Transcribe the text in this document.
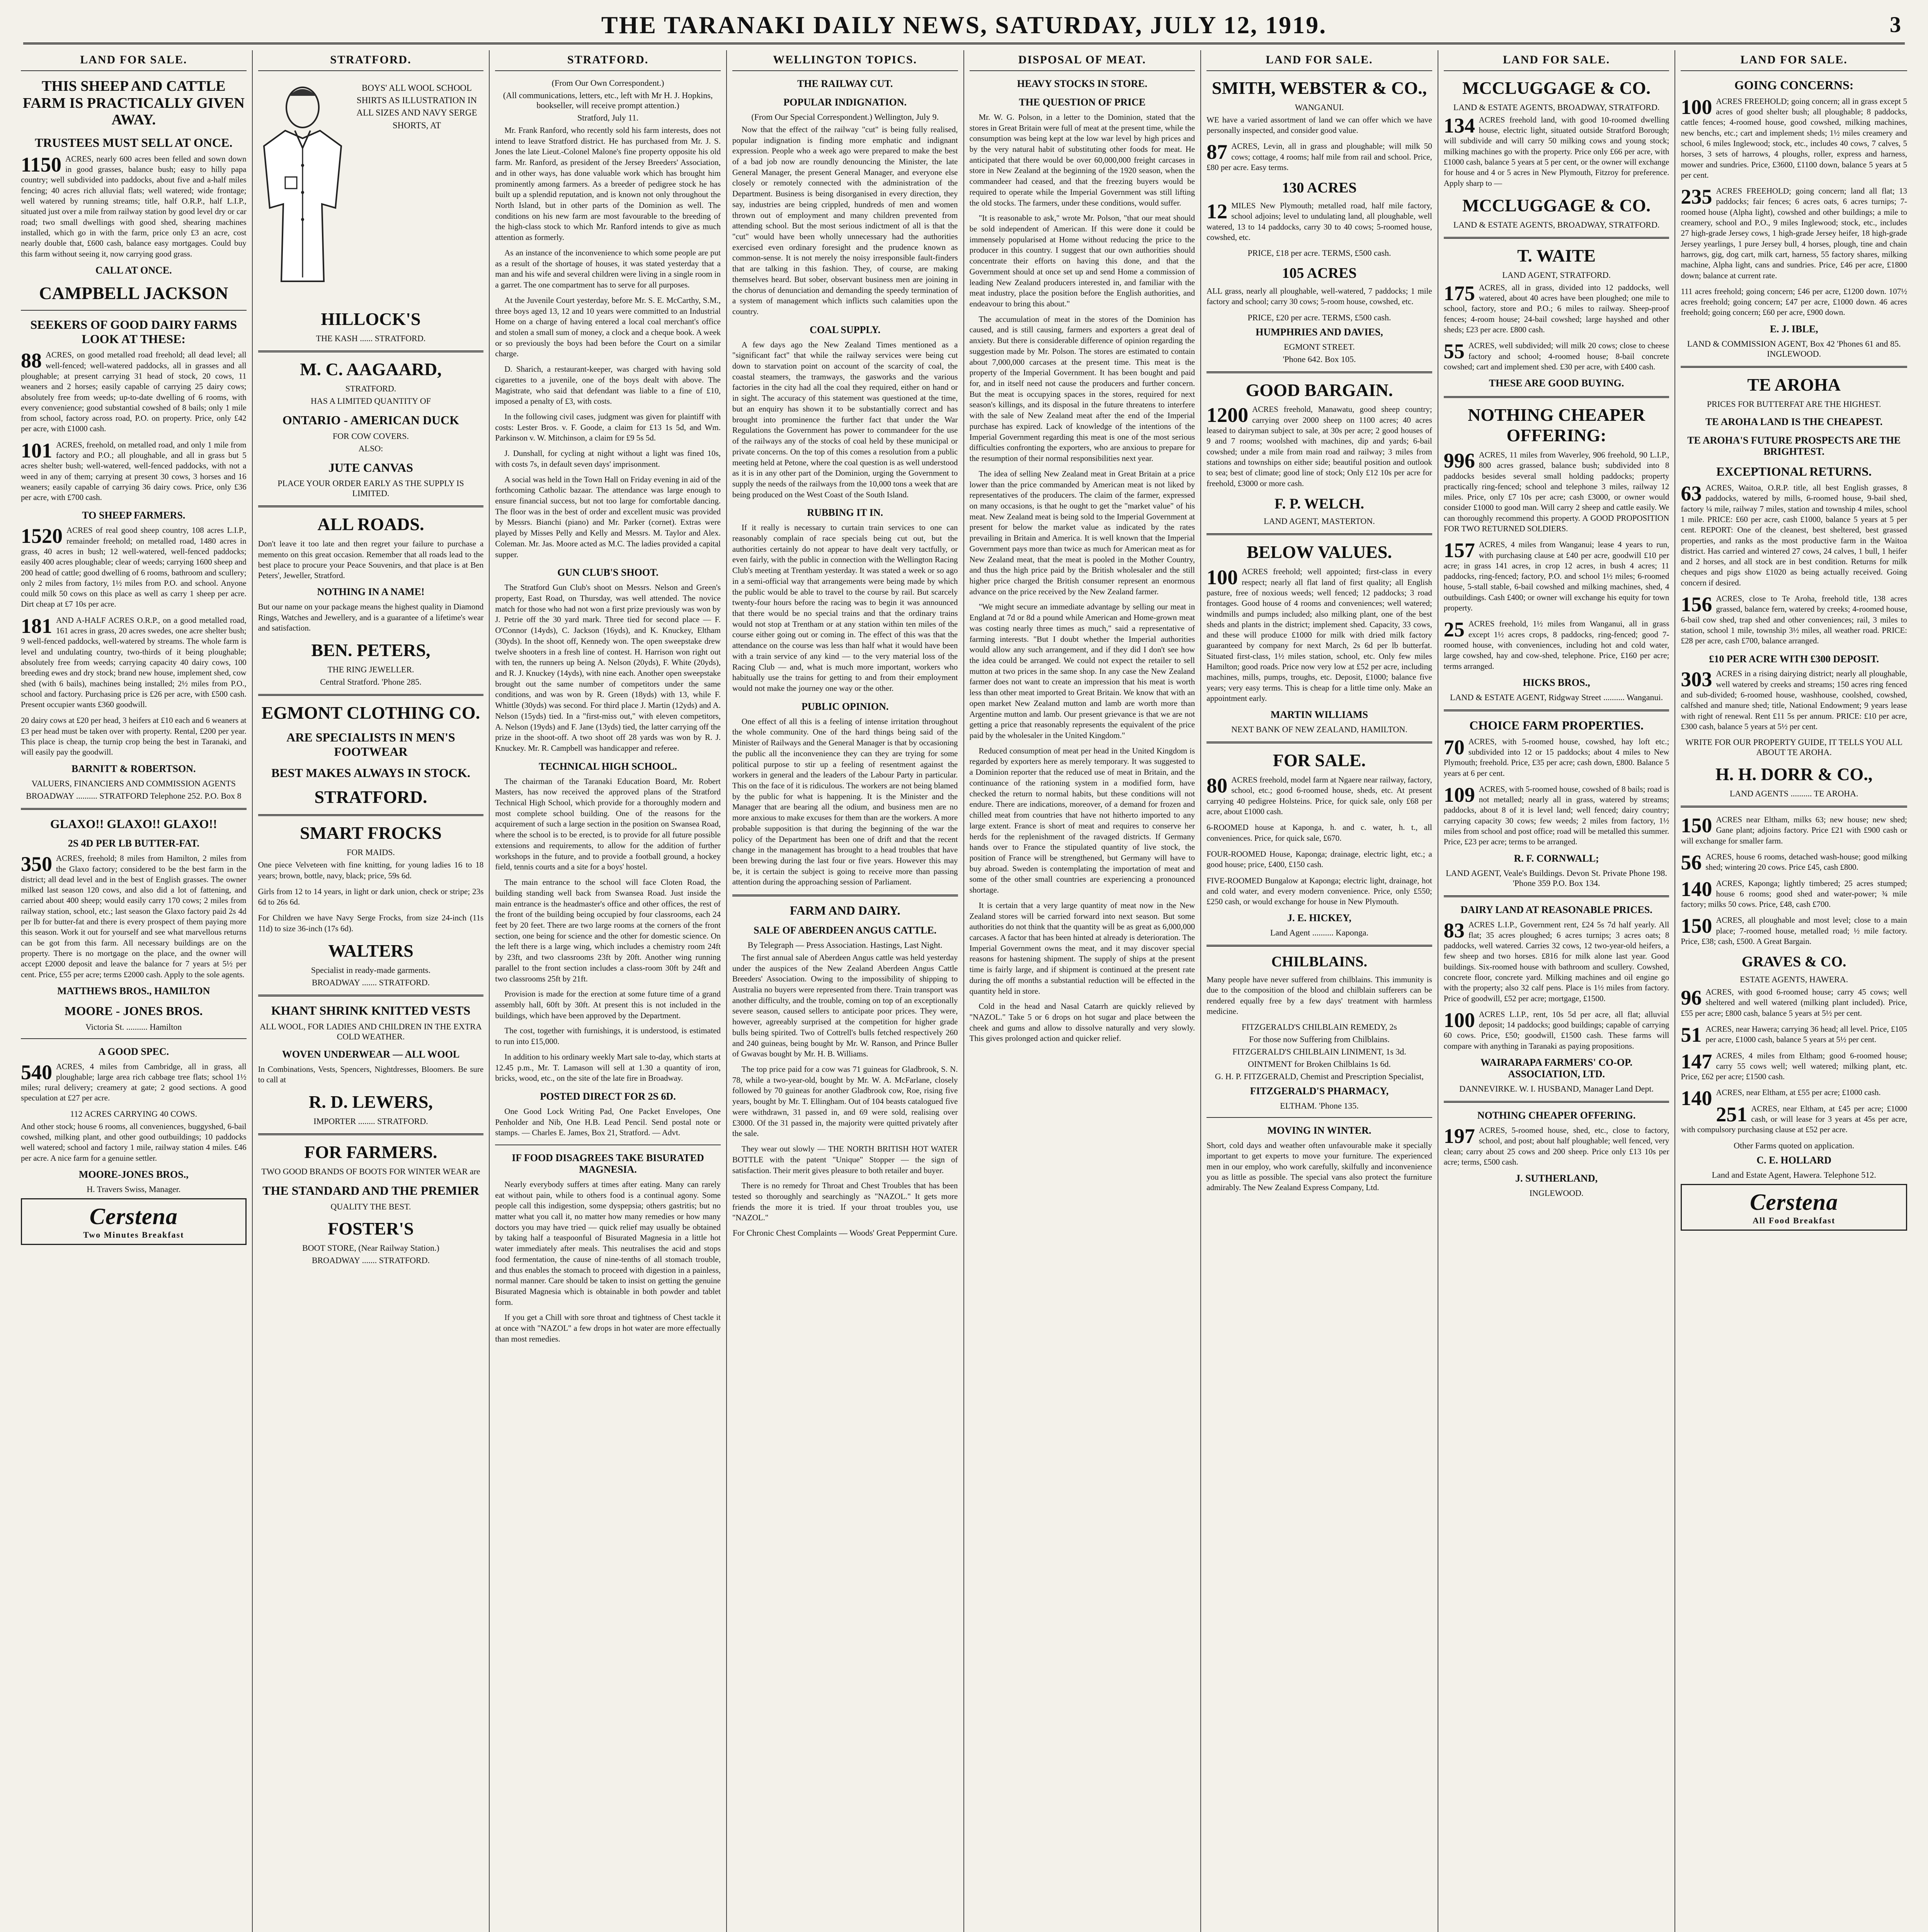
THE TARANAKI DAILY NEWS, SATURDAY, JULY 12, 1919.	3
LAND FOR SALE.
THIS SHEEP AND CATTLE FARM IS PRACTICALLY GIVEN AWAY.
TRUSTEES MUST SELL AT ONCE.

1150 ACRES, nearly 600 acres been felled and sown down in good grasses, balance bush; easy to hilly papa country; well subdivided into paddocks, about five and a-half miles fencing; 40 acres rich alluvial flats; well watered; wide frontage; well watered by running streams; title, half O.R.P., half L.I.P., situated just over a mile from railway station by good level dry or car road; two small dwellings with good shed, shearing machines installed, which go in with the farm, price only £3 an acre, cost nearly double that, £600 cash, balance easy mortgages. Could buy this farm without seeing it, now carrying good grass.

CALL AT ONCE.
CAMPBELL JACKSON
SEEKERS OF GOOD DAIRY FARMS LOOK AT THESE:

88 ACRES, on good metalled road freehold; all dead level; all well-fenced; well-watered paddocks, all in grasses and all ploughable; at present carrying 31 head of stock, 20 cows, 11 weaners and 2 horses; easily capable of carrying 25 dairy cows; absolutely free from weeds; up-to-date dwelling of 6 rooms, with every convenience; good substantial cowshed of 8 bails; only 1 mile from school, factory across road, P.O. on property. Price, only £42 per acre, with £1000 cash.

101 ACRES, freehold, on metalled road, and only 1 mile from factory and P.O.; all ploughable, and all in grass but 5 acres shelter bush; well-watered, well-fenced paddocks, with not a weed in any of them; carrying at present 30 cows, 3 horses and 16 weaners; easily capable of carrying 36 dairy cows. Price, only £36 per acre, with £700 cash.

TO SHEEP FARMERS.

1520 ACRES of real good sheep country, 108 acres L.I.P., remainder freehold; on metalled road, 1480 acres in grass, 40 acres in bush; 12 well-watered, well-fenced paddocks; easily 400 acres ploughable; clear of weeds; carrying 1600 sheep and 200 head of cattle; good dwelling of 6 rooms, bathroom and scullery; only 2 miles from factory, 1½ miles from P.O. and school. Anyone could milk 50 cows on this place as well as carry 1 sheep per acre. Dirt cheap at £7 10s per acre.

181 AND A-HALF ACRES O.R.P., on a good metalled road, 161 acres in grass, 20 acres swedes, one acre shelter bush; 9 well-fenced paddocks, well-watered by streams. The whole farm is level and undulating country, two-thirds of it being ploughable; absolutely free from weeds; carrying capacity 40 dairy cows, 100 breeding ewes and dry stock; brand new house, implement shed, cow shed (with 6 bails), machines being installed; 2½ miles from P.O., school and factory. Purchasing price is £26 per acre, with £500 cash. Present occupier wants £360 goodwill.

20 dairy cows at £20 per head, 3 heifers at £10 each and 6 weaners at £3 per head must be taken over with property. Rental, £200 per year. This place is cheap, the turnip crop being the best in Taranaki, and will easily pay the goodwill.

BARNITT & ROBERTSON.
VALUERS, FINANCIERS AND COMMISSION AGENTS
BROADWAY .......... STRATFORD Telephone 252. P.O. Box 8
GLAXO!! GLAXO!! GLAXO!!
2S 4D PER LB BUTTER-FAT.

350 ACRES, freehold; 8 miles from Hamilton, 2 miles from the Glaxo factory; considered to be the best farm in the district; all dead level and in the best of English grasses. The owner milked last season 120 cows, and also did a lot of fattening, and carried about 400 sheep; would easily carry 170 cows; 2 miles from railway station, school, etc.; last season the Glaxo factory paid 2s 4d per lb for butter-fat and there is every prospect of them paying more this season. Work it out for yourself and see what marvellous returns can be got from this farm. All necessary buildings are on the property. There is no mortgage on the place, and the owner will accept £2000 deposit and leave the balance for 7 years at 5½ per cent. Price, £55 per acre; terms £2000 cash. Apply to the sole agents.

MATTHEWS BROS., HAMILTON
MOORE - JONES BROS.
Victoria St. .......... Hamilton
A GOOD SPEC.

540 ACRES, 4 miles from Cambridge, all in grass, all ploughable; large area rich cabbage tree flats; school 1½ miles; rural delivery; creamery at gate; 2 good sections. A good speculation at £27 per acre.

112 ACRES CARRYING 40 COWS.

And other stock; house 6 rooms, all conveniences, buggyshed, 6-bail cowshed, milking plant, and other good outbuildings; 10 paddocks well watered; school and factory 1 mile, railway station 4 miles. £46 per acre. A nice farm for a genuine settler.

MOORE-JONES BROS.,
H. Travers Swiss, Manager.
Cerstena
Two Minutes Breakfast
STRATFORD.
BOYS' ALL WOOL SCHOOL SHIRTS AS ILLUSTRATION IN ALL SIZES AND NAVY SERGE SHORTS, AT
HILLOCK'S
THE KASH ...... STRATFORD.
M. C. AAGAARD,
STRATFORD.
HAS A LIMITED QUANTITY OF
ONTARIO - AMERICAN DUCK
FOR COW COVERS.
ALSO:
JUTE CANVAS
PLACE YOUR ORDER EARLY AS THE SUPPLY IS LIMITED.
ALL ROADS.

Don't leave it too late and then regret your failure to purchase a memento on this great occasion. Remember that all roads lead to the best place to procure your Peace Souvenirs, and that place is at Ben Peters', Jeweller, Stratford.

NOTHING IN A NAME!

But our name on your package means the highest quality in Diamond Rings, Watches and Jewellery, and is a guarantee of a lifetime's wear and satisfaction.

BEN. PETERS,
THE RING JEWELLER.
Central Stratford. 'Phone 285.
EGMONT CLOTHING CO.
ARE SPECIALISTS IN MEN'S FOOTWEAR
BEST MAKES ALWAYS IN STOCK.
STRATFORD.
SMART FROCKS
FOR MAIDS.

One piece Velveteen with fine knitting, for young ladies 16 to 18 years; brown, bottle, navy, black; price, 59s 6d.

Girls from 12 to 14 years, in light or dark union, check or stripe; 23s 6d to 26s 6d.

For Children we have Navy Serge Frocks, from size 24-inch (11s 11d) to size 36-inch (17s 6d).

WALTERS
Specialist in ready-made garments.
BROADWAY ....... STRATFORD.
KHANT SHRINK KNITTED VESTS
ALL WOOL, FOR LADIES AND CHILDREN IN THE EXTRA COLD WEATHER.
WOVEN UNDERWEAR — ALL WOOL

In Combinations, Vests, Spencers, Nightdresses, Bloomers. Be sure to call at

R. D. LEWERS,
IMPORTER ........ STRATFORD.
FOR FARMERS.
TWO GOOD BRANDS OF BOOTS FOR WINTER WEAR are
THE STANDARD AND THE PREMIER
QUALITY THE BEST.
FOSTER'S
BOOT STORE, (Near Railway Station.)
BROADWAY ....... STRATFORD.
STRATFORD.
(From Our Own Correspondent.)
(All communications, letters, etc., left with Mr H. J. Hopkins, bookseller, will receive prompt attention.)
Stratford, July 11.

Mr. Frank Ranford, who recently sold his farm interests, does not intend to leave Stratford district. He has purchased from Mr. J. S. Jones the late Lieut.-Colonel Malone's fine property opposite his old farm. Mr. Ranford, as president of the Jersey Breeders' Association, and in other ways, has done valuable work which has brought him prominently among farmers. As a breeder of pedigree stock he has built up a splendid reputation, and is known not only throughout the North Island, but in other parts of the Dominion as well. The conditions on his new farm are most favourable to the breeding of the high-class stock to which Mr. Ranford intends to give as much attention as formerly.

As an instance of the inconvenience to which some people are put as a result of the shortage of houses, it was stated yesterday that a man and his wife and several children were living in a single room in a garret. The one compartment has to serve for all purposes.

At the Juvenile Court yesterday, before Mr. S. E. McCarthy, S.M., three boys aged 13, 12 and 10 years were committed to an Industrial Home on a charge of having entered a local coal merchant's office and stolen a small sum of money, a clock and a cheque book. A week or so previously the boys had been before the Court on a similar charge.

D. Sharich, a restaurant-keeper, was charged with having sold cigarettes to a juvenile, one of the boys dealt with above. The Magistrate, who said that defendant was liable to a fine of £10, imposed a penalty of £3, with costs.

In the following civil cases, judgment was given for plaintiff with costs: Lester Bros. v. F. Goode, a claim for £13 1s 5d, and Wm. Parkinson v. W. Mitchinson, a claim for £9 5s 5d.

J. Dunshall, for cycling at night without a light was fined 10s, with costs 7s, in default seven days' imprisonment.

A social was held in the Town Hall on Friday evening in aid of the forthcoming Catholic bazaar. The attendance was large enough to ensure financial success, but not too large for comfortable dancing. The floor was in the best of order and excellent music was provided by Messrs. Bianchi (piano) and Mr. Parker (cornet). Extras were played by Misses Pelly and Kelly and Messrs. M. Taylor and Alex. Coleman. Mr. Jas. Moore acted as M.C. The ladies provided a capital supper.

GUN CLUB'S SHOOT.

The Stratford Gun Club's shoot on Messrs. Nelson and Green's property, East Road, on Thursday, was well attended. The novice match for those who had not won a first prize previously was won by J. Petrie off the 30 yard mark. Three tied for second place — F. O'Connor (14yds), C. Jackson (16yds), and K. Knuckey, Eltham (30yds). In the shoot off, Kennedy won. The open sweepstake drew twelve shooters in a fresh line of contest. H. Harrison won right out with ten, the runners up being A. Nelson (20yds), F. White (20yds), and R. J. Knuckey (14yds), with nine each. Another open sweepstake brought out the same number of competitors under the same conditions, and was won by R. Green (18yds) with 13, while F. Whittle (30yds) was second. For third place J. Martin (12yds) and A. Nelson (15yds) tied. In a "first-miss out," with eleven competitors, A. Nelson (19yds) and F. Jane (13yds) tied, the latter carrying off the prize in the shoot-off. A two shoot off 28 yards was won by R. J. Knuckey. Mr. R. Campbell was handicapper and referee.

TECHNICAL HIGH SCHOOL.

The chairman of the Taranaki Education Board, Mr. Robert Masters, has now received the approved plans of the Stratford Technical High School, which provide for a thoroughly modern and most complete school building. One of the reasons for the acquirement of such a large section in the position on Swansea Road, where the school is to be erected, is to provide for all future possible extensions and requirements, to allow for the addition of further workshops in the future, and to provide a football ground, a hockey field, tennis courts and a site for a boys' hostel.

The main entrance to the school will face Cloten Road, the building standing well back from Swansea Road. Just inside the main entrance is the headmaster's office and other offices, the rest of the front of the building being occupied by four classrooms, each 24 feet by 20 feet. There are two large rooms at the corners of the front section, one being for science and the other for domestic science. On the left there is a large wing, which includes a chemistry room 24ft by 23ft, and two classrooms 23ft by 20ft. Another wing running parallel to the front section includes a class-room 30ft by 24ft and two classrooms 25ft by 21ft.

Provision is made for the erection at some future time of a grand assembly hall, 60ft by 30ft. At present this is not included in the buildings, which have been approved by the Department.

The cost, together with furnishings, it is understood, is estimated to run into £15,000.

In addition to his ordinary weekly Mart sale to-day, which starts at 12.45 p.m., Mr. T. Lamason will sell at 1.30 a quantity of iron, bricks, wood, etc., on the site of the late fire in Broadway.

POSTED DIRECT FOR 2S 6D.

One Good Lock Writing Pad, One Packet Envelopes, One Penholder and Nib, One H.B. Lead Pencil. Send postal note or stamps. — Charles E. James, Box 21, Stratford. — Advt.

IF FOOD DISAGREES TAKE BISURATED MAGNESIA.

Nearly everybody suffers at times after eating. Many can rarely eat without pain, while to others food is a continual agony. Some people call this indigestion, some dyspepsia; others gastritis; but no matter what you call it, no matter how many remedies or how many doctors you may have tried — quick relief may usually be obtained by taking half a teaspoonful of Bisurated Magnesia in a little hot water immediately after meals. This neutralises the acid and stops food fermentation, the cause of nine-tenths of all stomach trouble, and thus enables the stomach to proceed with digestion in a painless, normal manner. Care should be taken to insist on getting the genuine Bisurated Magnesia which is obtainable in both powder and tablet form.

If you get a Chill with sore throat and tightness of Chest tackle it at once with "NAZOL" a few drops in hot water are more effectually than most remedies.

WELLINGTON TOPICS.
THE RAILWAY CUT.
POPULAR INDIGNATION.
(From Our Special Correspondent.) Wellington, July 9.

Now that the effect of the railway "cut" is being fully realised, popular indignation is finding more emphatic and indignant expression. People who a week ago were prepared to make the best of a bad job now are roundly denouncing the Minister, the late General Manager, the present General Manager, and everyone else closely or remotely connected with the administration of the Department. Business is being disorganised in every direction, they say, industries are being crippled, hundreds of men and women thrown out of employment and many children prevented from attending school. But the most serious indictment of all is that the "cut" would have been wholly unnecessary had the authorities exercised even ordinary foresight and the prudence known as common-sense. It is not merely the noisy irresponsible fault-finders that are talking in this fashion. They, of course, are making themselves heard. But sober, observant business men are joining in the chorus of denunciation and demanding the speedy termination of a system of management which inflicts such calamities upon the country.

COAL SUPPLY.

A few days ago the New Zealand Times mentioned as a "significant fact" that while the railway services were being cut down to starvation point on account of the scarcity of coal, the coastal steamers, the tramways, the gasworks and the various factories in the city had all the coal they required, either on hand or in sight. The accuracy of this statement was questioned at the time, but an enquiry has shown it to be substantially correct and has brought into prominence the further fact that under the War Regulations the Government has power to commandeer for the use of the railways any of the stocks of coal held by these municipal or private concerns. On the top of this comes a resolution from a public meeting held at Petone, where the coal question is as well understood as it is in any other part of the Dominion, urging the Government to supply the needs of the railways from the 10,000 tons a week that are being produced on the West Coast of the South Island.

RUBBING IT IN.

If it really is necessary to curtain train services to one can reasonably complain of race specials being cut out, but the authorities certainly do not appear to have dealt very tactfully, or even fairly, with the public in connection with the Wellington Racing Club's meeting at Trentham yesterday. It was stated a week or so ago in a semi-official way that arrangements were being made by which the public would be able to travel to the course by rail. But scarcely twenty-four hours before the racing was to begin it was announced that there would be no special trains and that the ordinary trains would not stop at Trentham or at any station within ten miles of the course either going out or coming in. The effect of this was that the attendance on the course was less than half what it would have been with a train service of any kind — to the very material loss of the Racing Club — and, what is much more important, workers who habitually use the trains for getting to and from their employment would not make the journey one way or the other.

PUBLIC OPINION.

One effect of all this is a feeling of intense irritation throughout the whole community. One of the hard things being said of the Minister of Railways and the General Manager is that by occasioning the public all the inconvenience they can they are trying for some political purpose to stir up a feeling of resentment against the workers in general and the leaders of the Labour Party in particular. This on the face of it is ridiculous. The workers are not being blamed by the public for what is happening. It is the Minister and the Manager that are bearing all the odium, and business men are no more anxious to make excuses for them than are the workers. A more probable supposition is that during the beginning of the war the policy of the Department has been one of drift and that the recent change in the management has brought to a head troubles that have been brewing during the last four or five years. However this may be, it is certain the subject is going to receive more than passing attention during the approaching session of Parliament.

FARM AND DAIRY.
SALE OF ABERDEEN ANGUS CATTLE.
By Telegraph — Press Association. Hastings, Last Night.

The first annual sale of Aberdeen Angus cattle was held yesterday under the auspices of the New Zealand Aberdeen Angus Cattle Breeders' Association. Owing to the impossibility of shipping to Australia no buyers were represented from there. Train transport was another difficulty, and the trouble, coming on top of an exceptionally severe season, caused sellers to anticipate poor prices. They were, however, agreeably surprised at the competition for higher grade bulls being spirited. Two of Cottrell's bulls fetched respectively 260 and 240 guineas, being bought by Mr. W. Ranson, and Prince Buller of Gwavas bought by Mr. H. B. Williams.

The top price paid for a cow was 71 guineas for Gladbrook, S. N. 78, while a two-year-old, bought by Mr. W. A. McFarlane, closely followed by 70 guineas for another Gladbrook cow, Roe, rising five years, bought by Mr. T. Ellingham. Out of 104 beasts catalogued five were withdrawn, 31 passed in, and 69 were sold, realising over £3000. Of the 31 passed in, the majority were quitted privately after the sale.

They wear out slowly — THE NORTH BRITISH HOT WATER BOTTLE with the patent "Unique" Stopper — the sign of satisfaction. Their merit gives pleasure to both retailer and buyer.

There is no remedy for Throat and Chest Troubles that has been tested so thoroughly and searchingly as "NAZOL." It gets more friends the more it is tried. If your throat troubles you, use "NAZOL."

For Chronic Chest Complaints — Woods' Great Peppermint Cure.
DISPOSAL OF MEAT.
HEAVY STOCKS IN STORE.
THE QUESTION OF PRICE

Mr. W. G. Polson, in a letter to the Dominion, stated that the stores in Great Britain were full of meat at the present time, while the consumption was being kept at the low war level by high prices and by the very natural habit of substituting other foods for meat. He anticipated that there would be over 60,000,000 freight carcases in store in New Zealand at the beginning of the 1920 season, when the commandeer had ceased, and that the freezing buyers would be required to operate while the Imperial Government was still lifting the old stocks. The farmers, under these conditions, would suffer.

"It is reasonable to ask," wrote Mr. Polson, "that our meat should be sold independent of American. If this were done it could be immensely popularised at Home without reducing the price to the producer in this country. I suggest that our own authorities should concentrate their efforts on having this done, and that the Government should at once set up and send Home a commission of leading New Zealand producers interested in, and familiar with the meat industry, place the position before the English authorities, and endeavour to bring this about."

The accumulation of meat in the stores of the Dominion has caused, and is still causing, farmers and exporters a great deal of anxiety. But there is considerable difference of opinion regarding the suggestion made by Mr. Polson. The stores are estimated to contain about 7,000,000 carcases at the present time. This meat is the property of the Imperial Government. It has been bought and paid for, and in itself need not cause the producers and further concern. But the meat is occupying spaces in the stores, required for next season's killings, and its disposal in the future threatens to interfere with the sale of New Zealand meat after the end of the Imperial purchase has expired. Lack of knowledge of the intentions of the Imperial Government regarding this meat is one of the most serious difficulties confronting the exporters, who are anxious to prepare for the resumption of their normal responsibilities next year.

The idea of selling New Zealand meat in Great Britain at a price lower than the price commanded by American meat is not liked by representatives of the producers. The claim of the farmer, expressed on many occasions, is that he ought to get the "market value" of his meat. New Zealand meat is being sold to the Imperial Government at present for below the market value as indicated by the rates prevailing in Britain and America. It is well known that the Imperial Government pays more than twice as much for American meat as for New Zealand meat, that the meat is pooled in the Mother Country, and thus the high price paid by the British wholesaler and the still higher price charged the British consumer represent an enormous advance on the price received by the New Zealand farmer.

"We might secure an immediate advantage by selling our meat in England at 7d or 8d a pound while American and Home-grown meat was costing nearly three times as much," said a representative of farming interests. "But I doubt whether the Imperial authorities would allow any such arrangement, and if they did I don't see how the idea could be arranged. We could not expect the retailer to sell mutton at two prices in the same shop. In any case the New Zealand farmer does not want to create an impression that his meat is worth less than other meat imported to Great Britain. We know that with an open market New Zealand mutton and lamb are worth more than Argentine mutton and lamb. Our present grievance is that we are not getting a price that reasonably represents the equivalent of the price paid by the wholesaler in the United Kingdom."

Reduced consumption of meat per head in the United Kingdom is regarded by exporters here as merely temporary. It was suggested to a Dominion reporter that the reduced use of meat in Britain, and the continuance of the rationing system in a modified form, have checked the return to normal habits, but these conditions will not endure. There are indications, moreover, of a demand for frozen and chilled meat from countries that have not hitherto imported to any large extent. France is short of meat and requires to conserve her herds for the replenishment of the ravaged districts. If Germany hands over to France the stipulated quantity of live stock, the position of France will be strengthened, but Germany will have to buy abroad. Sweden is contemplating the importation of meat and some of the other small countries are experiencing a pronounced shortage.

It is certain that a very large quantity of meat now in the New Zealand stores will be carried forward into next season. But some authorities do not think that the quantity will be as great as 6,000,000 carcases. A factor that has been hinted at already is deterioration. The Imperial Government owns the meat, and it may discover special reasons for hastening shipment. The supply of ships at the present time is fairly large, and if shipment is continued at the present rate during the off months a substantial reduction will be effected in the quantity held in store.

Cold in the head and Nasal Catarrh are quickly relieved by "NAZOL." Take 5 or 6 drops on hot sugar and place between the cheek and gums and allow to dissolve naturally and very slowly. This gives prolonged action and quicker relief.

LAND FOR SALE.
SMITH, WEBSTER & CO.,
WANGANUI.

WE have a varied assortment of land we can offer which we have personally inspected, and consider good value.

87 ACRES, Levin, all in grass and ploughable; will milk 50 cows; cottage, 4 rooms; half mile from rail and school. Price, £80 per acre. Easy terms.

130 ACRES

12 MILES New Plymouth; metalled road, half mile factory, school adjoins; level to undulating land, all ploughable, well watered, 13 to 14 paddocks, carry 30 to 40 cows; 5-roomed house, cowshed, etc.

PRICE, £18 per acre. TERMS, £500 cash.
105 ACRES

ALL grass, nearly all ploughable, well-watered, 7 paddocks; 1 mile factory and school; carry 30 cows; 5-room house, cowshed, etc.

PRICE, £20 per acre. TERMS, £500 cash.
HUMPHRIES AND DAVIES,
EGMONT STREET.
'Phone 642. Box 105.
GOOD BARGAIN.

1200 ACRES freehold, Manawatu, good sheep country; carrying over 2000 sheep on 1100 acres; 40 acres leased to dairyman subject to sale, at 30s per acre; 2 good houses of 9 and 7 rooms; woolshed with machines, dip and yards; 6-bail cowshed; under a mile from main road and railway; 3 miles from stations and townships on either side; beautiful position and outlook to sea; best of climate; good line of stock; Only £12 10s per acre for freehold, £3000 or more cash.

F. P. WELCH.
LAND AGENT, MASTERTON.
BELOW VALUES.

100 ACRES freehold; well appointed; first-class in every respect; nearly all flat land of first quality; all English pasture, free of noxious weeds; well fenced; 12 paddocks; 3 road frontages. Good house of 4 rooms and conveniences; well watered; windmills and pumps included; also milking plant, one of the best sheds and plants in the district; implement shed. Capacity, 33 cows, and these will produce £1000 for milk with dried milk factory guaranteed by company for next March, 2s 6d per lb butterfat. Situated first-class, 1½ miles station, school, etc. Only few miles Hamilton; good roads. Price now very low at £52 per acre, including machines, mills, pumps, troughs, etc. Deposit, £1000; balance five years; very easy terms. This is cheap for a little time only. Make an appointment early.

MARTIN WILLIAMS
NEXT BANK OF NEW ZEALAND, HAMILTON.
FOR SALE.

80 ACRES freehold, model farm at Ngaere near railway, factory, school, etc.; good 6-roomed house, sheds, etc. At present carrying 40 pedigree Holsteins. Price, for quick sale, only £68 per acre, about £1000 cash.

6-ROOMED house at Kaponga, h. and c. water, h. t., all conveniences. Price, for quick sale, £670.

FOUR-ROOMED House, Kaponga; drainage, electric light, etc.; a good house; price, £400, £150 cash.

FIVE-ROOMED Bungalow at Kaponga; electric light, drainage, hot and cold water, and every modern convenience. Price, only £550; £250 cash, or would exchange for house in New Plymouth.

J. E. HICKEY,
Land Agent .......... Kaponga.
CHILBLAINS.

Many people have never suffered from chilblains. This immunity is due to the composition of the blood and chilblain sufferers can be rendered equally free by a few days' treatment with harmless medicine.

FITZGERALD'S CHILBLAIN REMEDY, 2s
For those now Suffering from Chilblains.
FITZGERALD'S CHILBLAIN LINIMENT, 1s 3d.
OINTMENT for Broken Chilblains 1s 6d.
G. H. P. FITZGERALD, Chemist and Prescription Specialist,
FITZGERALD'S PHARMACY,
ELTHAM. 'Phone 135.
MOVING IN WINTER.

Short, cold days and weather often unfavourable make it specially important to get experts to move your furniture. The experienced men in our employ, who work carefully, skilfully and inconvenience you as little as possible. The special vans also protect the furniture admirably. The New Zealand Express Company, Ltd.

LAND FOR SALE.
MCCLUGGAGE & CO.
LAND & ESTATE AGENTS, BROADWAY, STRATFORD.

134 ACRES freehold land, with good 10-roomed dwelling house, electric light, situated outside Stratford Borough; will subdivide and will carry 50 milking cows and young stock; milking machines go with the property. Price only £66 per acre, with £1000 cash, balance 5 years at 5 per cent, or the owner will exchange for house and 4 or 5 acres in New Plymouth, Fitzroy for preference. Apply sharp to —

MCCLUGGAGE & CO.
LAND & ESTATE AGENTS, BROADWAY, STRATFORD.
T. WAITE
LAND AGENT, STRATFORD.

175 ACRES, all in grass, divided into 12 paddocks, well watered, about 40 acres have been ploughed; one mile to school, factory, store and P.O.; 6 miles to railway. Sheep-proof fences; 4-room house; 24-bail cowshed; large hayshed and other sheds; £23 per acre. £800 cash.

55 ACRES, well subdivided; will milk 20 cows; close to cheese factory and school; 4-roomed house; 8-bail concrete cowshed; cart and implement shed. £30 per acre, with £400 cash.

THESE ARE GOOD BUYING.
NOTHING CHEAPER OFFERING:

996 ACRES, 11 miles from Waverley, 906 freehold, 90 L.I.P., 800 acres grassed, balance bush; subdivided into 8 paddocks besides several small holding paddocks; property practically ring-fenced; school and telephone 3 miles, railway 12 miles. Price, only £7 10s per acre; cash £3000, or owner would consider £1000 to good man. Will carry 2 sheep and cattle easily. We can thoroughly recommend this property. A GOOD PROPOSITION FOR TWO RETURNED SOLDIERS.

157 ACRES, 4 miles from Wanganui; lease 4 years to run, with purchasing clause at £40 per acre, goodwill £10 per acre; in grass 141 acres, in crop 12 acres, in bush 4 acres; 11 paddocks, ring-fenced; factory, P.O. and school 1½ miles; 6-roomed house, 5-stall stable, 6-bail cowshed and milking machines, shed, 4 outbuildings. Cash £400; or owner will exchange his equity for town property.

25 ACRES freehold, 1½ miles from Wanganui, all in grass except 1½ acres crops, 8 paddocks, ring-fenced; good 7-roomed house, with conveniences, including hot and cold water, large cowshed, hay and cow-shed, telephone. Price, £160 per acre; terms arranged.

HICKS BROS.,
LAND & ESTATE AGENT, Ridgway Street .......... Wanganui.
CHOICE FARM PROPERTIES.

70 ACRES, with 5-roomed house, cowshed, hay loft etc.; subdivided into 12 or 15 paddocks; about 4 miles to New Plymouth; freehold. Price, £35 per acre; cash down, £800. Balance 5 years at 6 per cent.

109 ACRES, with 5-roomed house, cowshed of 8 bails; road is not metalled; nearly all in grass, watered by streams; paddocks, about 8 of it is level land; well fenced; dairy country; carrying capacity 30 cows; few weeds; 2 miles from factory, 1½ miles from school and post office; road will be metalled this summer. Price, £23 per acre; terms to be arranged.

R. F. CORNWALL;
LAND AGENT, Veale's Buildings. Devon St. Private Phone 198. 'Phone 359 P.O. Box 134.
DAIRY LAND AT REASONABLE PRICES.

83 ACRES L.I.P., Government rent, £24 5s 7d half yearly. All flat; 35 acres ploughed; 6 acres turnips; 3 acres oats; 8 paddocks, well watered. Carries 32 cows, 12 two-year-old heifers, a few sheep and two horses. £816 for milk alone last year. Good buildings. Six-roomed house with bathroom and scullery. Cowshed, concrete floor, concrete yard. Milking machines and oil engine go with the property; also 32 calf pens. Place is 1½ miles from factory. Price of goodwill, £52 per acre; mortgage, £1500.

100 ACRES L.I.P., rent, 10s 5d per acre, all flat; alluvial deposit; 14 paddocks; good buildings; capable of carrying 60 cows. Price, £50; goodwill, £1500 cash. These farms will compare with anything in Taranaki as paying propositions.

WAIRARAPA FARMERS' CO-OP. ASSOCIATION, LTD.
DANNEVIRKE. W. I. HUSBAND, Manager Land Dept.
NOTHING CHEAPER OFFERING.

197 ACRES, 5-roomed house, shed, etc., close to factory, school, and post; about half ploughable; well fenced, very clean; carry about 25 cows and 200 sheep. Price only £13 10s per acre; terms, £500 cash.

J. SUTHERLAND,
INGLEWOOD.
LAND FOR SALE.
GOING CONCERNS:

100 ACRES FREEHOLD; going concern; all in grass except 5 acres of good shelter bush; all ploughable; 8 paddocks, cattle fences; 4-roomed house, good cowshed, milking machines, new benchs, etc.; cart and implement sheds; 1½ miles creamery and school, 6 miles Inglewood; stock, etc., includes 40 cows, 7 calves, 5 horses, 3 sets of harrows, 4 ploughs, roller, express and harness, mower and sundries. Price, £3600, £1100 down, balance 5 years at 5 per cent.

235 ACRES FREEHOLD; going concern; land all flat; 13 paddocks; fair fences; 6 acres oats, 6 acres turnips; 7-roomed house (Alpha light), cowshed and other buildings; a mile to creamery, school and P.O., 9 miles Inglewood; stock, etc., includes 27 high-grade Jersey cows, 1 high-grade Jersey heifer, 18 high-grade Jersey yearlings, 1 pure Jersey bull, 4 horses, plough, tine and chain harrows, gig, dog cart, milk cart, harness, 55 factory shares, milking machine, Alpha light, cans and sundries. Price, £46 per acre, £1800 down; balance at current rate.

111 acres freehold; going concern; £46 per acre, £1200 down. 107½ acres freehold; going concern; £47 per acre, £1000 down. 46 acres freehold; going concern; £60 per acre, £900 down.

E. J. IBLE,
LAND & COMMISSION AGENT, Box 42 'Phones 61 and 85. INGLEWOOD.
TE AROHA
PRICES FOR BUTTERFAT ARE THE HIGHEST.
TE AROHA LAND IS THE CHEAPEST.
TE AROHA'S FUTURE PROSPECTS ARE THE BRIGHTEST.
EXCEPTIONAL RETURNS.

63 ACRES, Waitoa, O.R.P. title, all best English grasses, 8 paddocks, watered by mills, 6-roomed house, 9-bail shed, factory ¼ mile, railway 7 miles, station and township 4 miles, school 1 mile. PRICE: £60 per acre, cash £1000, balance 5 years at 5 per cent. REPORT: One of the cleanest, best sheltered, best grassed properties, and ranks as the most productive farm in the Waitoa district. Has carried and wintered 27 cows, 24 calves, 1 bull, 1 heifer and 2 horses, and all stock are in best condition. Returns for milk cheques and pigs show £1020 as being actually received. Going concern if desired.

156 ACRES, close to Te Aroha, freehold title, 138 acres grassed, balance fern, watered by creeks; 4-roomed house, 6-bail cow shed, trap shed and other conveniences; rail, 3 miles to station, school 1 mile, township 3½ miles, all weather road. PRICE: £28 per acre, cash £700, balance arranged.

£10 PER ACRE WITH £300 DEPOSIT.

303 ACRES in a rising dairying district; nearly all ploughable, well watered by creeks and streams; 150 acres ring fenced and sub-divided; 6-roomed house, washhouse, coolshed, cowshed, calfshed and manure shed; title, National Endowment; 9 years lease with right of renewal. Rent £11 5s per annum. PRICE: £10 per acre, £300 cash, balance 5 years at 5½ per cent.

WRITE FOR OUR PROPERTY GUIDE, IT TELLS YOU ALL ABOUT TE AROHA.
H. H. DORR & CO.,
LAND AGENTS .......... TE AROHA.

150 ACRES near Eltham, milks 63; new house; new shed; Gane plant; adjoins factory. Price £21 with £900 cash or will exchange for smaller farm.

56 ACRES, house 6 rooms, detached wash-house; good milking shed; wintering 20 cows. Price £45, cash £800.

140 ACRES, Kaponga; lightly timbered; 25 acres stumped; house 6 rooms; good shed and water-power; ¾ mile factory; milks 50 cows. Price, £48, cash £700.

150 ACRES, all ploughable and most level; close to a main place; 7-roomed house, metalled road; ½ mile factory. Price, £38; cash, £500. A Great Bargain.

GRAVES & CO.
ESTATE AGENTS, HAWERA.

96 ACRES, with good 6-roomed house; carry 45 cows; well sheltered and well watered (milking plant included). Price, £55 per acre; £800 cash, balance 5 years at 5½ per cent.

51 ACRES, near Hawera; carrying 36 head; all level. Price, £105 per acre, £1000 cash, balance 5 years at 5½ per cent.

147 ACRES, 4 miles from Eltham; good 6-roomed house; carry 55 cows well; well watered; milking plant, etc. Price, £62 per acre; £1500 cash.

140 ACRES, near Eltham, at £55 per acre; £1000 cash.

251 ACRES, near Eltham, at £45 per acre; £1000 cash, or will lease for 3 years at 45s per acre, with compulsory purchasing clause at £52 per acre.

Other Farms quoted on application.
C. E. HOLLARD
Land and Estate Agent, Hawera. Telephone 512.
Cerstena
All Food Breakfast
